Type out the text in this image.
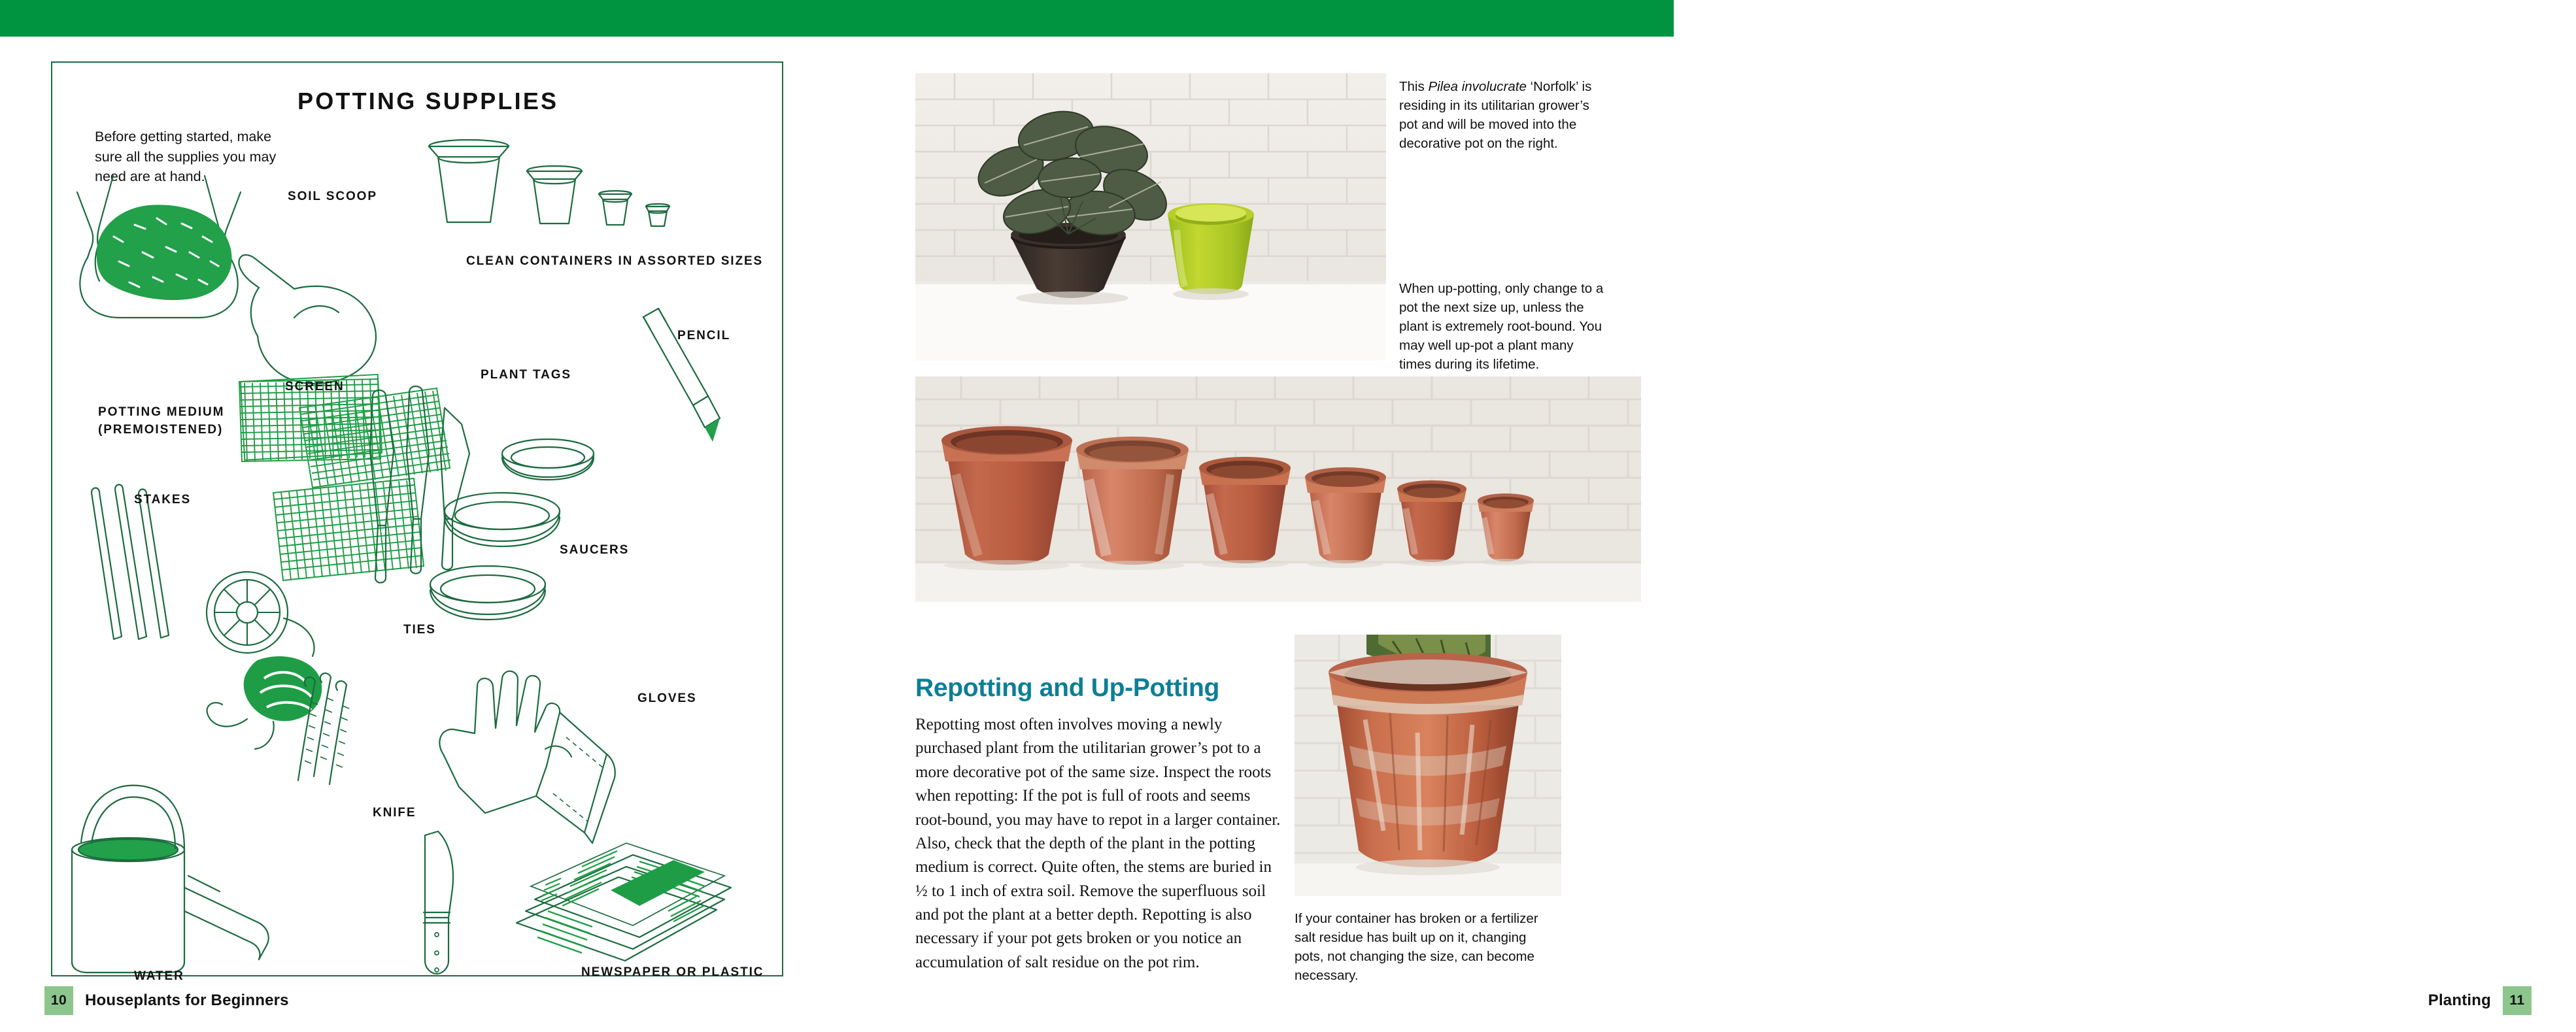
POTTING SUPPLIES
Before getting started, make sure all the supplies you may need are at hand.
SOIL SCOOP
CLEAN CONTAINERS IN ASSORTED SIZES
PENCIL
PLANT TAGS
SCREEN
POTTING MEDIUM (PREMOISTENED)
STAKES
SAUCERS
TIES
GLOVES
KNIFE
WATER	NEWSPAPER OR PLASTIC
10	Houseplants for Beginners
This Pilea involucrate ‘Norfolk’ is residing in its utilitarian grower’s pot and will be moved into the decorative pot on the right.
When up-potting, only change to a pot the next size up, unless the plant is extremely root-bound. You may well up-pot a plant many times during its lifetime.
Repotting and Up-Potting
Repotting most often involves moving a newly purchased plant from the utilitarian grower’s pot to a more decorative pot of the same size. Inspect the roots when repotting: If the pot is full of roots and seems root-bound, you may have to repot in a larger container. Also, check that the depth of the plant in the potting medium is correct. Quite often, the stems are buried in ½ to 1 inch of extra soil. Remove the superfluous soil and pot the plant at a better depth. Repotting is also necessary if your pot gets broken or you notice an accumulation of salt residue on the pot rim.
If your container has broken or a fertilizer salt residue has built up on it, changing pots, not changing the size, can become necessary.
11
Planting
